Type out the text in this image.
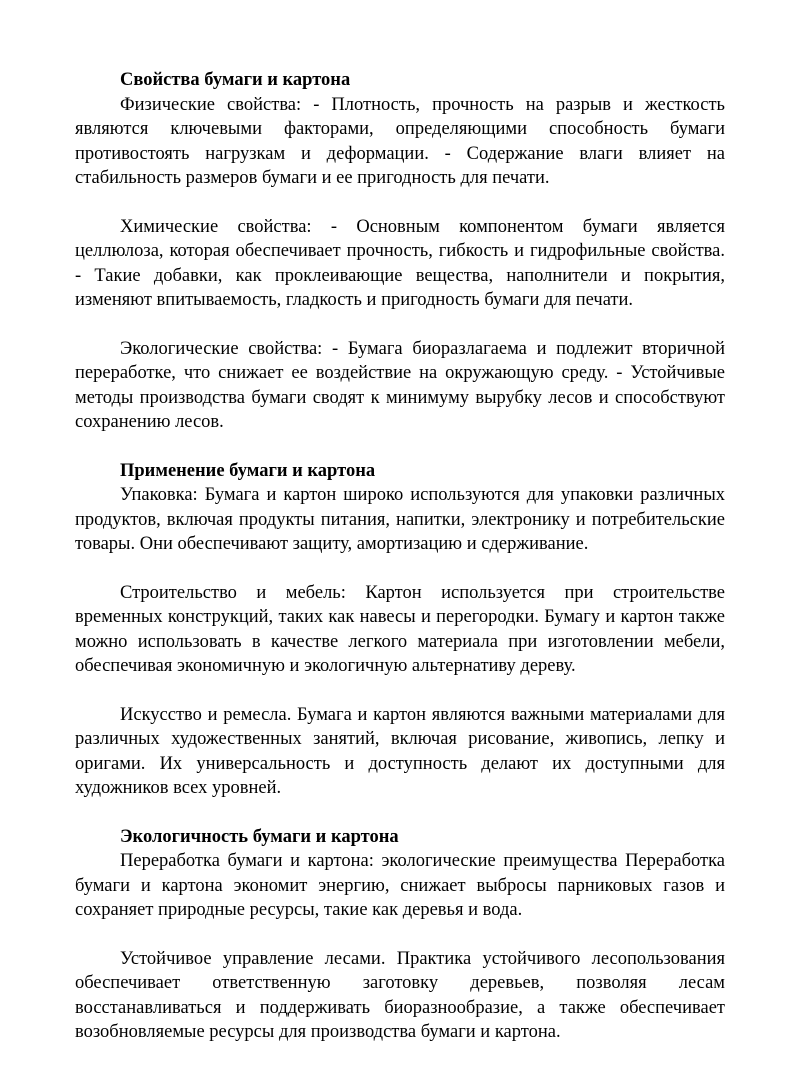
Свойства бумаги и картона

Физические свойства: - Плотность, прочность на разрыв и жесткость являются ключевыми факторами, определяющими способность бумаги противостоять нагрузкам и деформации. - Содержание влаги влияет на стабильность размеров бумаги и ее пригодность для печати.

Химические свойства: - Основным компонентом бумаги является целлюлоза, которая обеспечивает прочность, гибкость и гидрофильные свойства. - Такие добавки, как проклеивающие вещества, наполнители и покрытия, изменяют впитываемость, гладкость и пригодность бумаги для печати.

Экологические свойства: - Бумага биоразлагаема и подлежит вторичной переработке, что снижает ее воздействие на окружающую среду. - Устойчивые методы производства бумаги сводят к минимуму вырубку лесов и способствуют сохранению лесов.

Применение бумаги и картона

Упаковка: Бумага и картон широко используются для упаковки различных продуктов, включая продукты питания, напитки, электронику и потребительские товары. Они обеспечивают защиту, амортизацию и сдерживание.

Строительство и мебель: Картон используется при строительстве временных конструкций, таких как навесы и перегородки. Бумагу и картон также можно использовать в качестве легкого материала при изготовлении мебели, обеспечивая экономичную и экологичную альтернативу дереву.

Искусство и ремесла. Бумага и картон являются важными материалами для различных художественных занятий, включая рисование, живопись, лепку и оригами. Их универсальность и доступность делают их доступными для художников всех уровней.

Экологичность бумаги и картона

Переработка бумаги и картона: экологические преимущества Переработка бумаги и картона экономит энергию, снижает выбросы парниковых газов и сохраняет природные ресурсы, такие как деревья и вода.

Устойчивое управление лесами. Практика устойчивого лесопользования обеспечивает ответственную заготовку деревьев, позволяя лесам восстанавливаться и поддерживать биоразнообразие, а также обеспечивает возобновляемые ресурсы для производства бумаги и картона.
